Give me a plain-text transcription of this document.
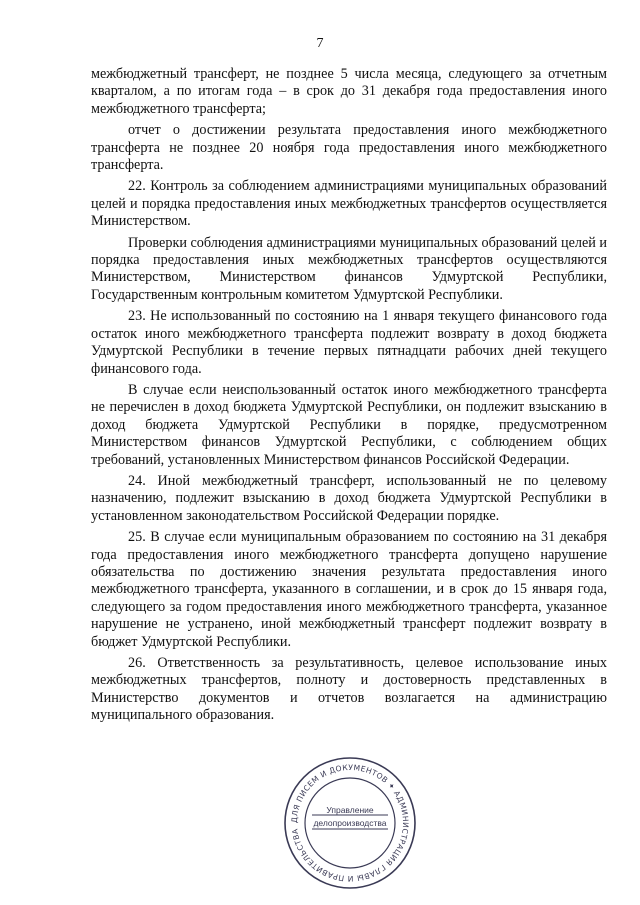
7

межбюджетный трансферт, не позднее 5 числа месяца, следующего за отчетным кварталом, а по итогам года – в срок до 31 декабря года предоставления иного межбюджетного трансферта;

отчет о достижении результата предоставления иного межбюджетного трансферта не позднее 20 ноября года предоставления иного межбюджетного трансферта.

22. Контроль за соблюдением администрациями муниципальных образований целей и порядка предоставления иных межбюджетных трансфертов осуществляется Министерством.

Проверки соблюдения администрациями муниципальных образований целей и порядка предоставления иных межбюджетных трансфертов осуществляются Министерством, Министерством финансов Удмуртской Республики, Государственным контрольным комитетом Удмуртской Республики.

23. Не использованный по состоянию на 1 января текущего финансового года остаток иного межбюджетного трансферта подлежит возврату в доход бюджета Удмуртской Республики в течение первых пятнадцати рабочих дней текущего финансового года.

В случае если неиспользованный остаток иного межбюджетного трансферта не перечислен в доход бюджета Удмуртской Республики, он подлежит взысканию в доход бюджета Удмуртской Республики в порядке, предусмотренном Министерством финансов Удмуртской Республики, с соблюдением общих требований, установленных Министерством финансов Российской Федерации.

24. Иной межбюджетный трансферт, использованный не по целевому назначению, подлежит взысканию в доход бюджета Удмуртской Республики в установленном законодательством Российской Федерации порядке.

25. В случае если муниципальным образованием по состоянию на 31 декабря года предоставления иного межбюджетного трансферта допущено нарушение обязательства по достижению значения результата предоставления иного межбюджетного трансферта, указанного в соглашении, и в срок до 15 января года, следующего за годом предоставления иного межбюджетного трансферта, указанное нарушение не устранено, иной межбюджетный трансферт подлежит возврату в бюджет Удмуртской Республики.

26. Ответственность за результативность, целевое использование иных межбюджетных трансфертов, полноту и достоверность представленных в Министерство документов и отчетов возлагается на администрацию муниципального образования.

ДЛЯ ПИСЕМ И ДОКУМЕНТОВ ✦ АДМИНИСТРАЦИЯ ГЛАВЫ И ПРАВИТЕЛЬСТВА
Управление
делопроизводства
